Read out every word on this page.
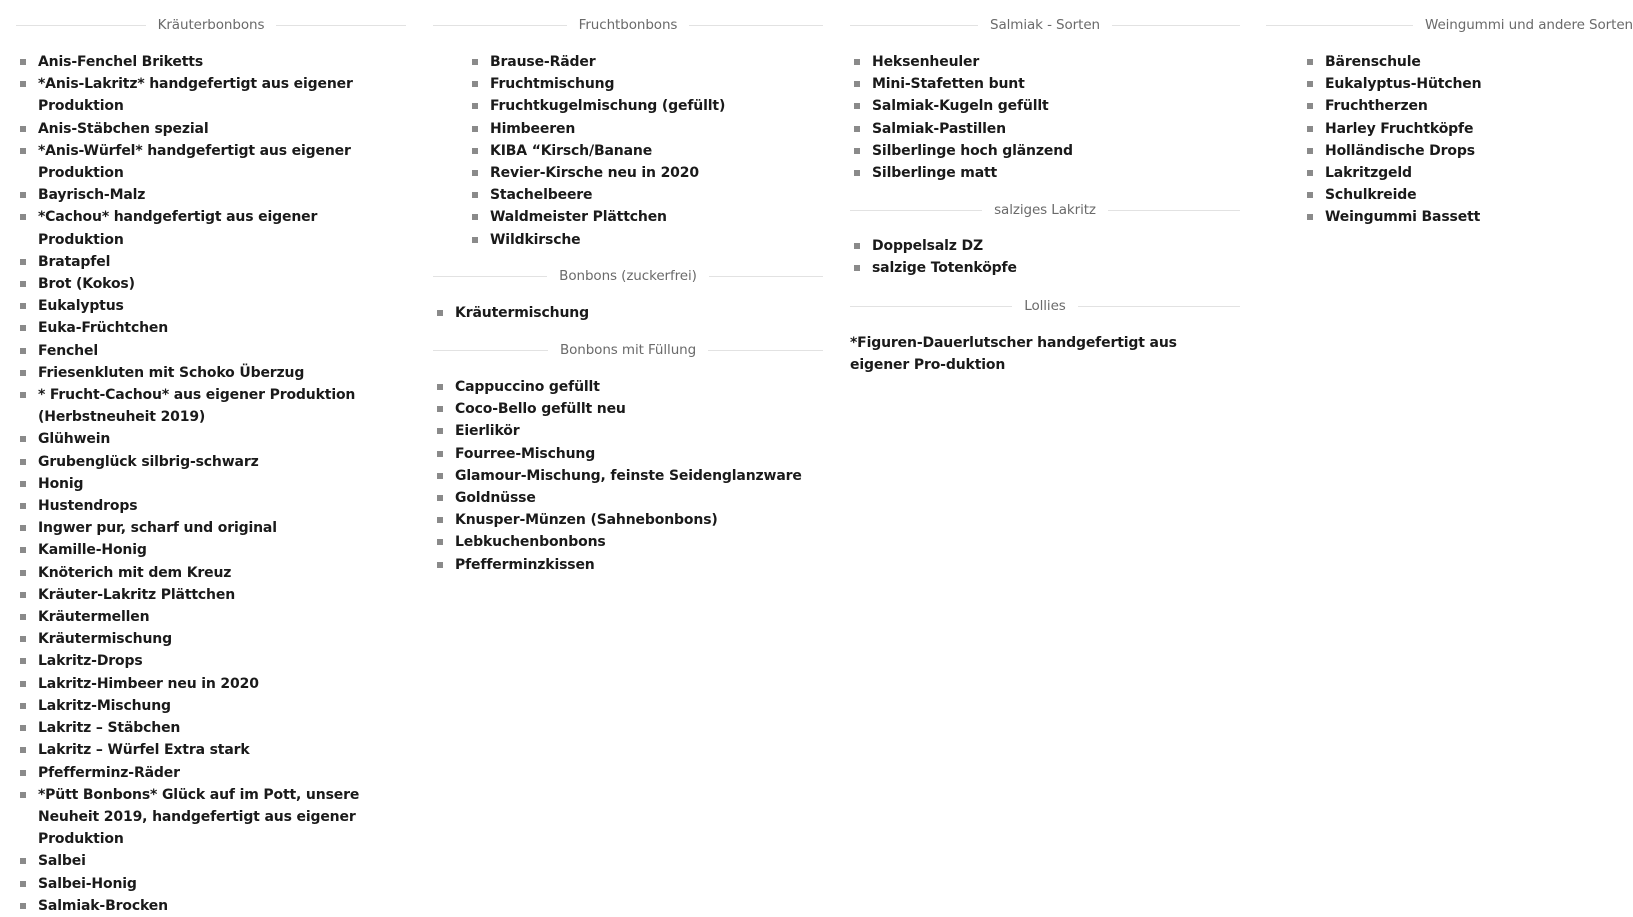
Kräuterbonbons
Anis-Fenchel Briketts
*Anis-Lakritz* handgefertigt aus eigener Produktion
Anis-Stäbchen spezial
*Anis-Würfel* handgefertigt aus eigener Produktion
Bayrisch-Malz
*Cachou* handgefertigt aus eigener Produktion
Bratapfel
Brot (Kokos)
Eukalyptus
Euka-Früchtchen
Fenchel
Friesenkluten mit Schoko Überzug
* Frucht-Cachou* aus eigener Produktion (Herbstneuheit 2019)
Glühwein
Grubenglück silbrig-schwarz
Honig
Hustendrops
Ingwer pur, scharf und original
Kamille-Honig
Knöterich mit dem Kreuz
Kräuter-Lakritz Plättchen
Kräutermellen
Kräutermischung
Lakritz-Drops
Lakritz-Himbeer neu in 2020
Lakritz-Mischung
Lakritz – Stäbchen
Lakritz – Würfel Extra stark
Pfefferminz-Räder
*Pütt Bonbons* Glück auf im Pott, unsere Neuheit 2019, handgefertigt aus eigener Produktion
Salbei
Salbei-Honig
Salmiak-Brocken
Fruchtbonbons
Brause-Räder
Fruchtmischung
Fruchtkugelmischung (gefüllt)
Himbeeren
KIBA “Kirsch/Banane
Revier-Kirsche neu in 2020
Stachelbeere
Waldmeister Plättchen
Wildkirsche
Bonbons (zuckerfrei)
Kräutermischung
Bonbons mit Füllung
Cappuccino gefüllt
Coco-Bello gefüllt neu
Eierlikör
Fourree-Mischung
Glamour-Mischung, feinste Seidenglanzware
Goldnüsse
Knusper-Münzen (Sahnebonbons)
Lebkuchenbonbons
Pfefferminzkissen
Salmiak - Sorten
Heksenheuler
Mini-Stafetten bunt
Salmiak-Kugeln gefüllt
Salmiak-Pastillen
Silberlinge hoch glänzend
Silberlinge matt
salziges Lakritz
Doppelsalz DZ
salzige Totenköpfe
Lollies
*Figuren-Dauerlutscher handgefertigt aus eigener Pro-duktion
Weingummi und andere Sorten
Bärenschule
Eukalyptus-Hütchen
Fruchtherzen
Harley Fruchtköpfe
Holländische Drops
Lakritzgeld
Schulkreide
Weingummi Bassett
